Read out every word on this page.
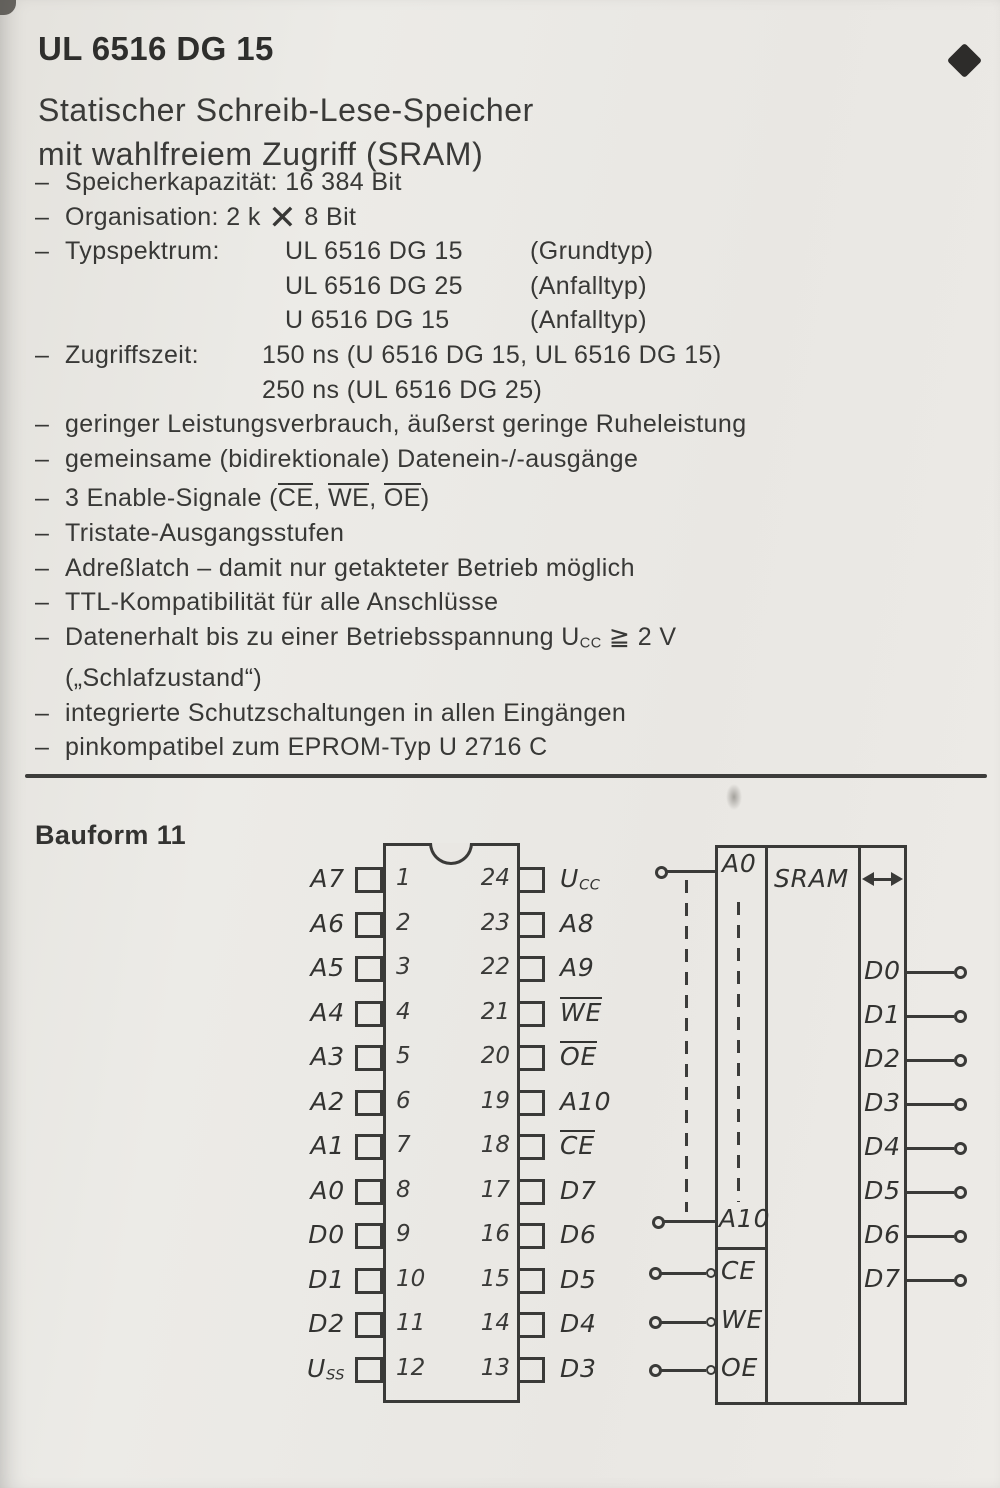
UL 6516 DG 15
Statischer Schreib-Lese-Speicher
mit wahlfreiem Zugriff (SRAM)
– Speicherkapazität: 16 384 Bit
– Organisation: 2 k ✕ 8 Bit
– Typspektrum:	UL 6516 DG 15	(Grundtyp)
UL 6516 DG 25	(Anfalltyp)
U 6516 DG 15	(Anfalltyp)
– Zugriffszeit:	150 ns (U 6516 DG 15, UL 6516 DG 15)
250 ns (UL 6516 DG 25)
– geringer Leistungsverbrauch, äußerst geringe Ruheleistung
– gemeinsame (bidirektionale) Datenein-/-ausgänge
– 3 Enable-Signale (CE, WE, OE)
– Tristate-Ausgangsstufen
– Adreßlatch – damit nur getakteter Betrieb möglich
– TTL-Kompatibilität für alle Anschlüsse
– Datenerhalt bis zu einer Betriebsspannung UCC ≧ 2 V
(„Schlafzustand“)
– integrierte Schutzschaltungen in allen Eingängen
– pinkompatibel zum EPROM-Typ U 2716 C
Bauform 11
A7 1
A6 2
A5 3
A4 4
A3 5
A2 6
A1 7
A0 8
D0 9
D1 10
D2 11
USS 12
24 UCC
23 A8
22 A9
21 WE
20 OE
19 A10
18 CE
17 D7
16 D6
15 D5
14 D4
13 D3
SRAM
A0
A10
CE
WE
OE
D0
D1
D2
D3
D4
D5
D6
D7
